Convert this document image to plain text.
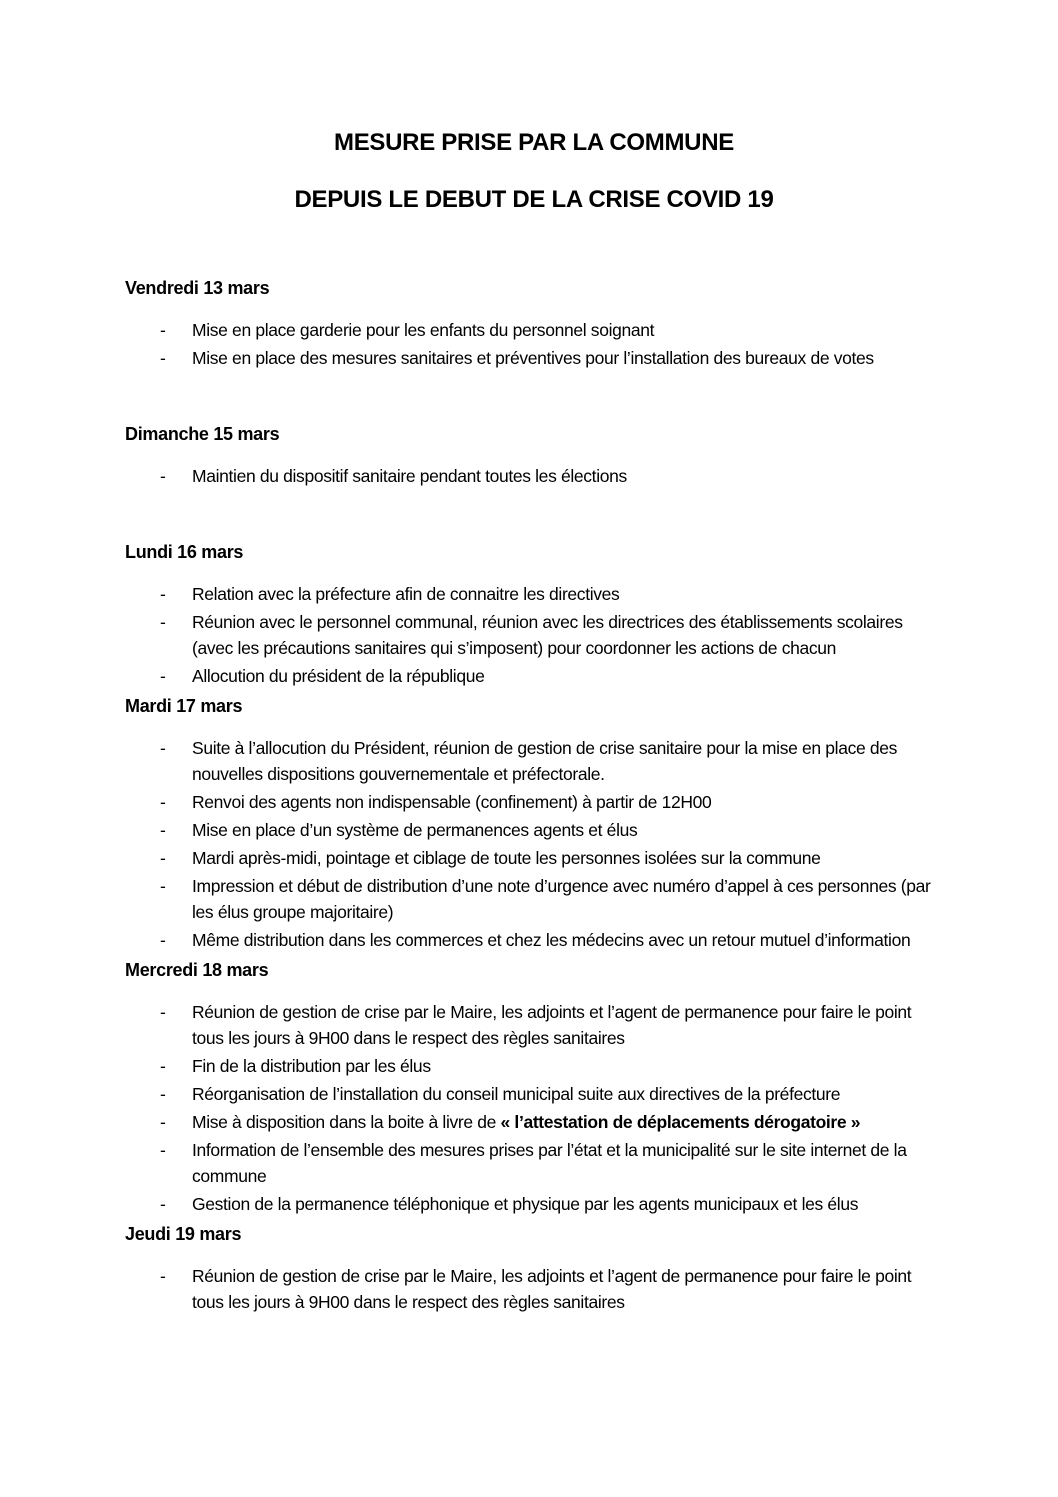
MESURE PRISE PAR LA COMMUNE
DEPUIS LE DEBUT DE LA CRISE COVID 19
Vendredi 13 mars
-	Mise en place garderie pour les enfants du personnel soignant
-	Mise en place des mesures sanitaires et préventives pour l’installation des bureaux de votes
Dimanche 15 mars
-	Maintien du dispositif sanitaire pendant toutes les élections
Lundi 16 mars
-	Relation avec la préfecture afin de connaitre les directives
-	Réunion avec le personnel communal, réunion avec les directrices des établissements scolaires (avec les précautions sanitaires qui s’imposent) pour coordonner les actions de chacun
-	Allocution du président de la république
Mardi 17 mars
-	Suite à l’allocution du Président, réunion de gestion de crise sanitaire pour la mise en place des nouvelles dispositions gouvernementale et préfectorale.
-	Renvoi des agents non indispensable (confinement) à partir de 12H00
-	Mise en place d’un système de permanences agents et élus
-	Mardi après-midi, pointage et ciblage de toute les personnes isolées sur la commune
-	Impression et début de distribution d’une note d’urgence avec numéro d’appel à ces personnes (par les élus groupe majoritaire)
-	Même distribution dans les commerces et chez les médecins avec un retour mutuel d’information
Mercredi 18 mars
-	Réunion de gestion de crise par le Maire, les adjoints et l’agent de permanence pour faire le point tous les jours à 9H00 dans le respect des règles sanitaires
-	Fin de la distribution par les élus
-	Réorganisation de l’installation du conseil municipal suite aux directives de la préfecture
-	Mise à disposition dans la boite à livre de « l’attestation de déplacements dérogatoire »
-	Information de l’ensemble des mesures prises par l’état et la municipalité sur le site internet de la commune
-	Gestion de la permanence téléphonique et physique par les agents municipaux et les élus
Jeudi 19 mars
-	Réunion de gestion de crise par le Maire, les adjoints et l’agent de permanence pour faire le point tous les jours à 9H00 dans le respect des règles sanitaires
